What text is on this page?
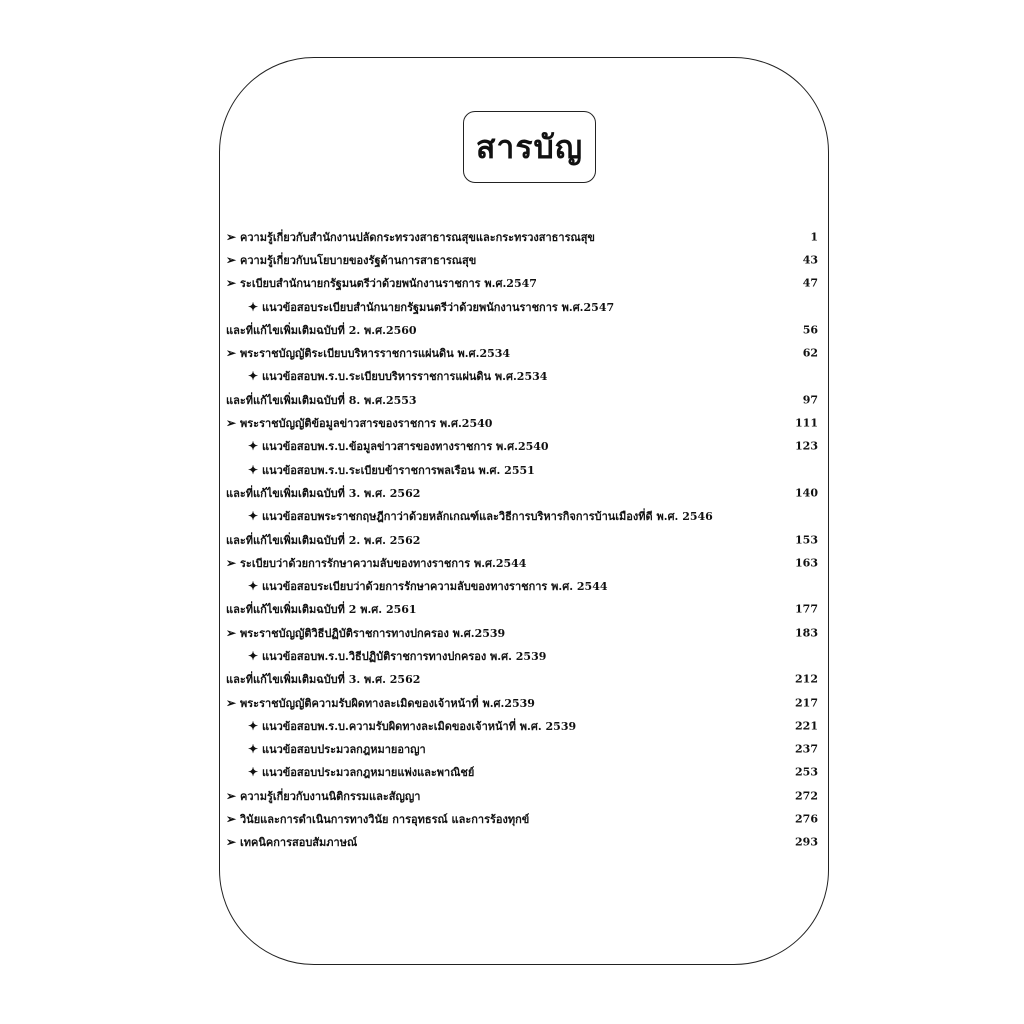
สารบัญ
➢ ความรู้เกี่ยวกับสำนักงานปลัดกระทรวงสาธารณสุขและกระทรวงสาธารณสุข	1
➢ ความรู้เกี่ยวกับนโยบายของรัฐด้านการสาธารณสุข	43
➢ ระเบียบสำนักนายกรัฐมนตรีว่าด้วยพนักงานราชการ พ.ศ.2547	47
✦ แนวข้อสอบระเบียบสำนักนายกรัฐมนตรีว่าด้วยพนักงานราชการ พ.ศ.2547
และที่แก้ไขเพิ่มเติมฉบับที่ 2. พ.ศ.2560	56
➢ พระราชบัญญัติระเบียบบริหารราชการแผ่นดิน พ.ศ.2534	62
✦ แนวข้อสอบพ.ร.บ.ระเบียบบริหารราชการแผ่นดิน พ.ศ.2534
และที่แก้ไขเพิ่มเติมฉบับที่ 8. พ.ศ.2553	97
➢ พระราชบัญญัติข้อมูลข่าวสารของราชการ พ.ศ.2540	111
✦ แนวข้อสอบพ.ร.บ.ข้อมูลข่าวสารของทางราชการ พ.ศ.2540	123
✦ แนวข้อสอบพ.ร.บ.ระเบียบข้าราชการพลเรือน พ.ศ. 2551
และที่แก้ไขเพิ่มเติมฉบับที่ 3. พ.ศ. 2562	140
✦ แนวข้อสอบพระราชกฤษฎีกาว่าด้วยหลักเกณฑ์และวิธีการบริหารกิจการบ้านเมืองที่ดี พ.ศ. 2546
และที่แก้ไขเพิ่มเติมฉบับที่ 2. พ.ศ. 2562	153
➢ ระเบียบว่าด้วยการรักษาความลับของทางราชการ พ.ศ.2544	163
✦ แนวข้อสอบระเบียบว่าด้วยการรักษาความลับของทางราชการ พ.ศ. 2544
และที่แก้ไขเพิ่มเติมฉบับที่ 2 พ.ศ. 2561	177
➢ พระราชบัญญัติวิธีปฏิบัติราชการทางปกครอง พ.ศ.2539	183
✦ แนวข้อสอบพ.ร.บ.วิธีปฏิบัติราชการทางปกครอง พ.ศ. 2539
และที่แก้ไขเพิ่มเติมฉบับที่ 3. พ.ศ. 2562	212
➢ พระราชบัญญัติความรับผิดทางละเมิดของเจ้าหน้าที่ พ.ศ.2539	217
✦ แนวข้อสอบพ.ร.บ.ความรับผิดทางละเมิดของเจ้าหน้าที่ พ.ศ. 2539	221
✦ แนวข้อสอบประมวลกฎหมายอาญา	237
✦ แนวข้อสอบประมวลกฎหมายแพ่งและพาณิชย์	253
➢ ความรู้เกี่ยวกับงานนิติกรรมและสัญญา	272
➢ วินัยและการดำเนินการทางวินัย การอุทธรณ์ และการร้องทุกข์	276
➢ เทคนิคการสอบสัมภาษณ์	293
